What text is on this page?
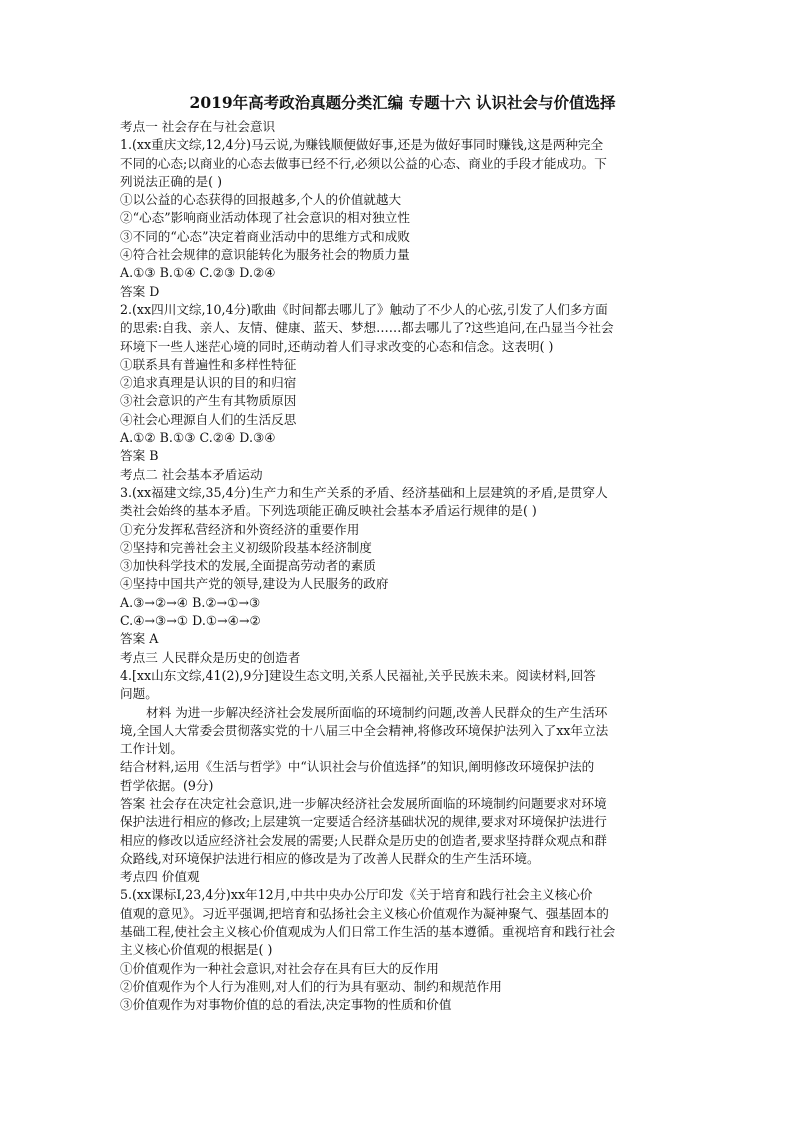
2019年高考政治真题分类汇编 专题十六 认识社会与价值选择
考点一 社会存在与社会意识
1.(xx重庆文综,12,4分)马云说,为赚钱顺便做好事,还是为做好事同时赚钱,这是两种完全
不同的心态;以商业的心态去做事已经不行,必须以公益的心态、商业的手段才能成功。下
列说法正确的是( )
①以公益的心态获得的回报越多,个人的价值就越大
②“心态”影响商业活动体现了社会意识的相对独立性
③不同的“心态”决定着商业活动中的思维方式和成败
④符合社会规律的意识能转化为服务社会的物质力量
A.①③ B.①④ C.②③ D.②④
答案 D
2.(xx四川文综,10,4分)歌曲《时间都去哪儿了》触动了不少人的心弦,引发了人们多方面
的思索:自我、亲人、友情、健康、蓝天、梦想……都去哪儿了?这些追问,在凸显当今社会
环境下一些人迷茫心境的同时,还萌动着人们寻求改变的心态和信念。这表明( )
①联系具有普遍性和多样性特征
②追求真理是认识的目的和归宿
③社会意识的产生有其物质原因
④社会心理源自人们的生活反思
A.①② B.①③ C.②④ D.③④
答案 B
考点二 社会基本矛盾运动
3.(xx福建文综,35,4分)生产力和生产关系的矛盾、经济基础和上层建筑的矛盾,是贯穿人
类社会始终的基本矛盾。下列选项能正确反映社会基本矛盾运行规律的是( )
①充分发挥私营经济和外资经济的重要作用
②坚持和完善社会主义初级阶段基本经济制度
③加快科学技术的发展,全面提高劳动者的素质
④坚持中国共产党的领导,建设为人民服务的政府
A.③→②→④ B.②→①→③
C.④→③→① D.①→④→②
答案 A
考点三 人民群众是历史的创造者
4.[xx山东文综,41(2),9分]建设生态文明,关系人民福祉,关乎民族未来。阅读材料,回答
问题。
材料 为进一步解决经济社会发展所面临的环境制约问题,改善人民群众的生产生活环
境,全国人大常委会贯彻落实党的十八届三中全会精神,将修改环境保护法列入了xx年立法
工作计划。
结合材料,运用《生活与哲学》中“认识社会与价值选择”的知识,阐明修改环境保护法的
哲学依据。(9分)
答案 社会存在决定社会意识,进一步解决经济社会发展所面临的环境制约问题要求对环境
保护法进行相应的修改;上层建筑一定要适合经济基础状况的规律,要求对环境保护法进行
相应的修改以适应经济社会发展的需要;人民群众是历史的创造者,要求坚持群众观点和群
众路线,对环境保护法进行相应的修改是为了改善人民群众的生产生活环境。
考点四 价值观
5.(xx课标Ⅰ,23,4分)xx年12月,中共中央办公厅印发《关于培育和践行社会主义核心价
值观的意见》。习近平强调,把培育和弘扬社会主义核心价值观作为凝神聚气、强基固本的
基础工程,使社会主义核心价值观成为人们日常工作生活的基本遵循。重视培育和践行社会
主义核心价值观的根据是( )
①价值观作为一种社会意识,对社会存在具有巨大的反作用
②价值观作为个人行为准则,对人们的行为具有驱动、制约和规范作用
③价值观作为对事物价值的总的看法,决定事物的性质和价值
